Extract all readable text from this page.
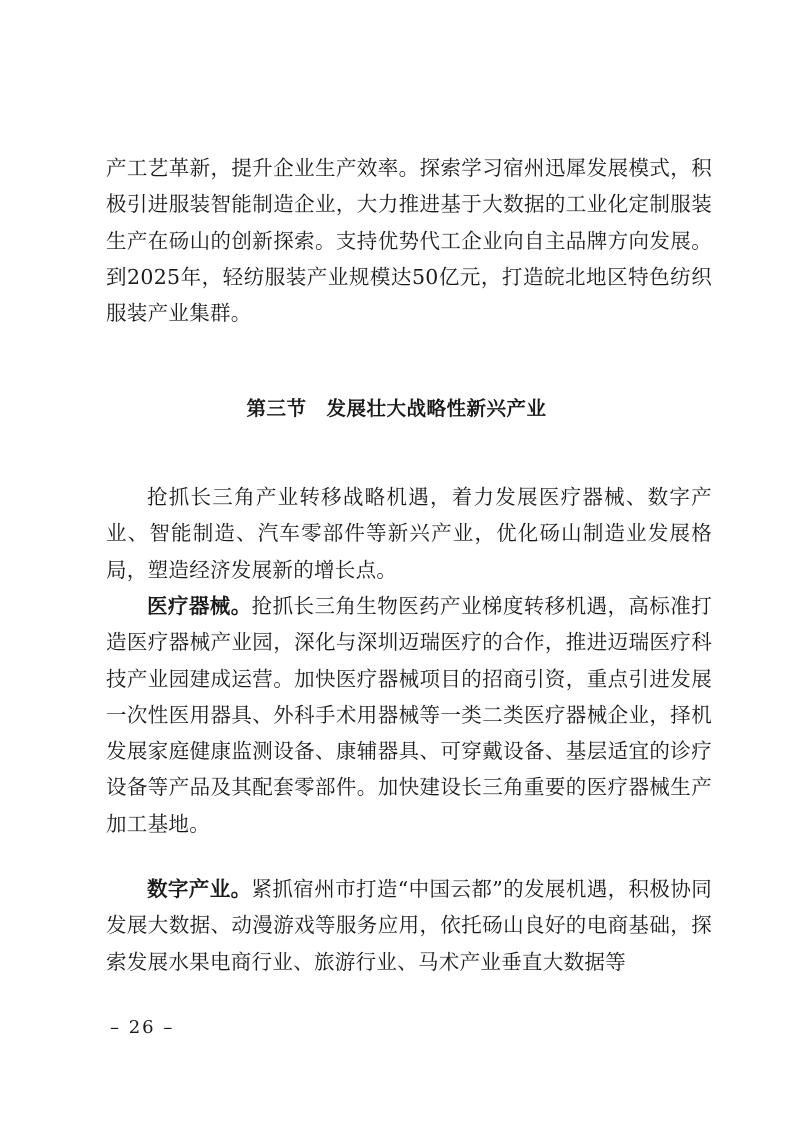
产工艺革新，提升企业生产效率。探索学习宿州迅犀发展模式，积极引进服装智能制造企业，大力推进基于大数据的工业化定制服装生产在砀山的创新探索。支持优势代工企业向自主品牌方向发展。到2025年，轻纺服装产业规模达50亿元，打造皖北地区特色纺织服装产业集群。

第三节　发展壮大战略性新兴产业

抢抓长三角产业转移战略机遇，着力发展医疗器械、数字产业、智能制造、汽车零部件等新兴产业，优化砀山制造业发展格局，塑造经济发展新的增长点。

医疗器械。抢抓长三角生物医药产业梯度转移机遇，高标准打造医疗器械产业园，深化与深圳迈瑞医疗的合作，推进迈瑞医疗科技产业园建成运营。加快医疗器械项目的招商引资，重点引进发展一次性医用器具、外科手术用器械等一类二类医疗器械企业，择机发展家庭健康监测设备、康辅器具、可穿戴设备、基层适宜的诊疗设备等产品及其配套零部件。加快建设长三角重要的医疗器械生产加工基地。

数字产业。紧抓宿州市打造“中国云都”的发展机遇，积极协同发展大数据、动漫游戏等服务应用，依托砀山良好的电商基础，探索发展水果电商行业、旅游行业、马术产业垂直大数据等

– 26 –
